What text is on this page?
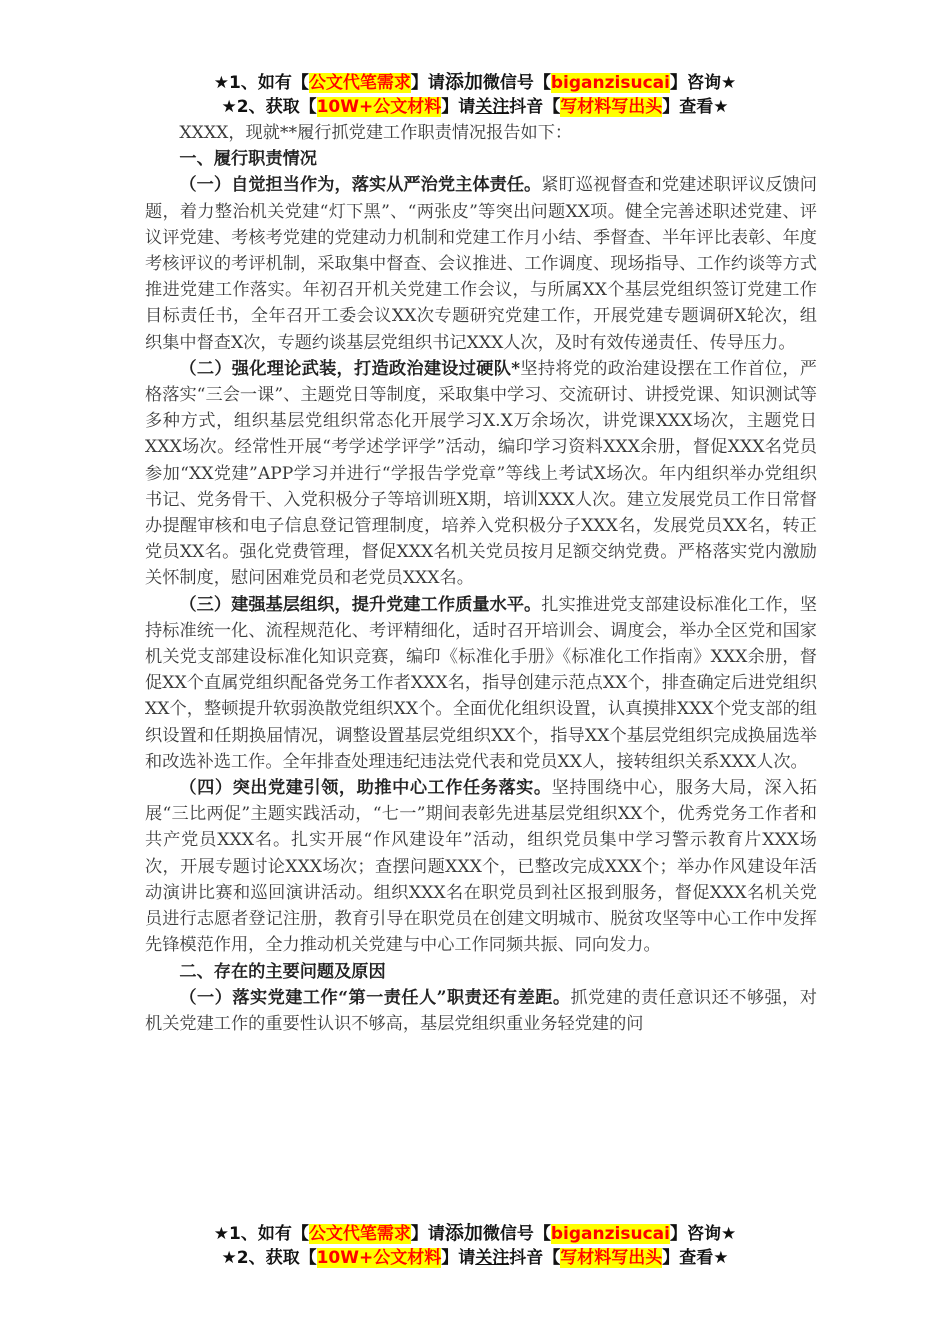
★1、如有【公文代笔需求】请添加微信号【biganzisucai】咨询★
★2、获取【10W+公文材料】请关注抖音【写材料写出头】查看★

XXXX，现就**履行抓党建工作职责情况报告如下：

一、履行职责情况

（一）自觉担当作为，落实从严治党主体责任。紧盯巡视督查和党建述职评议反馈问题，着力整治机关党建“灯下黑”、“两张皮”等突出问题XX项。健全完善述职述党建、评议评党建、考核考党建的党建动力机制和党建工作月小结、季督查、半年评比表彰、年度考核评议的考评机制，采取集中督查、会议推进、工作调度、现场指导、工作约谈等方式推进党建工作落实。年初召开机关党建工作会议，与所属XX个基层党组织签订党建工作目标责任书，全年召开工委会议XX次专题研究党建工作，开展党建专题调研X轮次，组织集中督查X次，专题约谈基层党组织书记XXX人次，及时有效传递责任、传导压力。

（二）强化理论武装，打造政治建设过硬队*坚持将党的政治建设摆在工作首位，严格落实“三会一课”、主题党日等制度，采取集中学习、交流研讨、讲授党课、知识测试等多种方式，组织基层党组织常态化开展学习X.X万余场次，讲党课XXX场次，主题党日XXX场次。经常性开展“考学述学评学”活动，编印学习资料XXX余册，督促XXX名党员参加“XX党建”APP学习并进行“学报告学党章”等线上考试X场次。年内组织举办党组织书记、党务骨干、入党积极分子等培训班X期，培训XXX人次。建立发展党员工作日常督办提醒审核和电子信息登记管理制度，培养入党积极分子XXX名，发展党员XX名，转正党员XX名。强化党费管理，督促XXX名机关党员按月足额交纳党费。严格落实党内激励关怀制度，慰问困难党员和老党员XXX名。

（三）建强基层组织，提升党建工作质量水平。扎实推进党支部建设标准化工作，坚持标准统一化、流程规范化、考评精细化，适时召开培训会、调度会，举办全区党和国家机关党支部建设标准化知识竞赛，编印《标准化手册》《标准化工作指南》XXX余册，督促XX个直属党组织配备党务工作者XXX名，指导创建示范点XX个，排查确定后进党组织XX个，整顿提升软弱涣散党组织XX个。全面优化组织设置，认真摸排XXX个党支部的组织设置和任期换届情况，调整设置基层党组织XX个，指导XX个基层党组织完成换届选举和改选补选工作。全年排查处理违纪违法党代表和党员XX人，接转组织关系XXX人次。

（四）突出党建引领，助推中心工作任务落实。坚持围绕中心，服务大局，深入拓展“三比两促”主题实践活动，“七一”期间表彰先进基层党组织XX个，优秀党务工作者和共产党员XXX名。扎实开展“作风建设年”活动，组织党员集中学习警示教育片XXX场次，开展专题讨论XXX场次；查摆问题XXX个，已整改完成XXX个；举办作风建设年活动演讲比赛和巡回演讲活动。组织XXX名在职党员到社区报到服务，督促XXX名机关党员进行志愿者登记注册，教育引导在职党员在创建文明城市、脱贫攻坚等中心工作中发挥先锋模范作用，全力推动机关党建与中心工作同频共振、同向发力。

二、存在的主要问题及原因

（一）落实党建工作“第一责任人”职责还有差距。抓党建的责任意识还不够强，对机关党建工作的重要性认识不够高，基层党组织重业务轻党建的问

★1、如有【公文代笔需求】请添加微信号【biganzisucai】咨询★
★2、获取【10W+公文材料】请关注抖音【写材料写出头】查看★
